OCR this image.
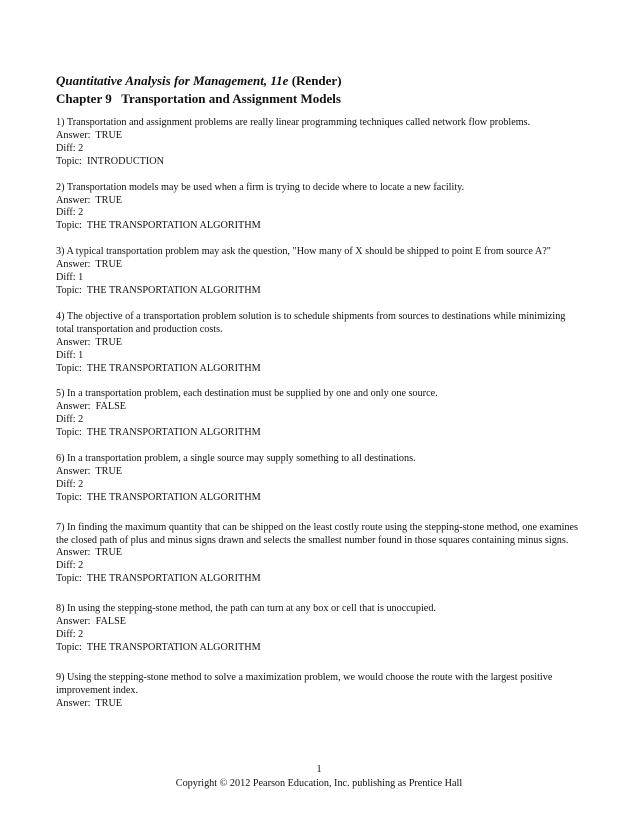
Quantitative Analysis for Management, 11e (Render)
Chapter 9   Transportation and Assignment Models
1) Transportation and assignment problems are really linear programming techniques called network flow problems.
Answer:  TRUE
Diff: 2
Topic:  INTRODUCTION
2) Transportation models may be used when a firm is trying to decide where to locate a new facility.
Answer:  TRUE
Diff: 2
Topic:  THE TRANSPORTATION ALGORITHM
3) A typical transportation problem may ask the question, "How many of X should be shipped to point E from source A?"
Answer:  TRUE
Diff: 1
Topic:  THE TRANSPORTATION ALGORITHM
4) The objective of a transportation problem solution is to schedule shipments from sources to destinations while minimizing total transportation and production costs.
Answer:  TRUE
Diff: 1
Topic:  THE TRANSPORTATION ALGORITHM
5) In a transportation problem, each destination must be supplied by one and only one source.
Answer:  FALSE
Diff: 2
Topic:  THE TRANSPORTATION ALGORITHM
6) In a transportation problem, a single source may supply something to all destinations.
Answer:  TRUE
Diff: 2
Topic:  THE TRANSPORTATION ALGORITHM
7) In finding the maximum quantity that can be shipped on the least costly route using the stepping-stone method, one examines the closed path of plus and minus signs drawn and selects the smallest number found in those squares containing minus signs.
Answer:  TRUE
Diff: 2
Topic:  THE TRANSPORTATION ALGORITHM
8) In using the stepping-stone method, the path can turn at any box or cell that is unoccupied.
Answer:  FALSE
Diff: 2
Topic:  THE TRANSPORTATION ALGORITHM
9) Using the stepping-stone method to solve a maximization problem, we would choose the route with the largest positive improvement index.
Answer:  TRUE
1
Copyright © 2012 Pearson Education, Inc. publishing as Prentice Hall
